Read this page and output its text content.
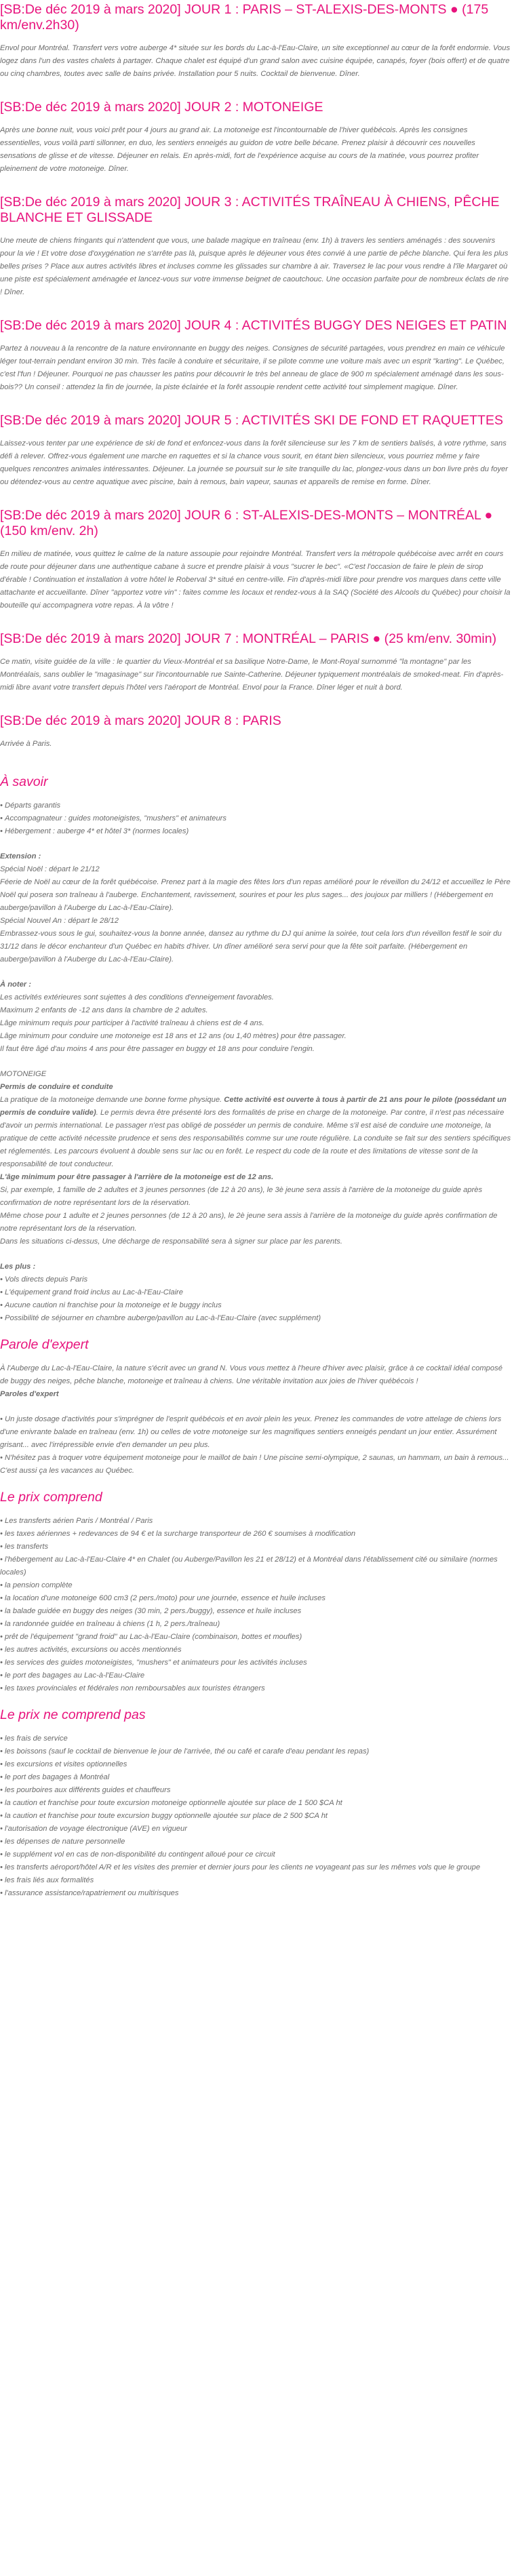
[SB:De déc 2019 à mars 2020] JOUR 1 : PARIS – ST-ALEXIS-DES-MONTS ● (175 km/env.2h30)

Envol pour Montréal. Transfert vers votre auberge 4* située sur les bords du Lac-à-l'Eau-Claire, un site exceptionnel au cœur de la forêt endormie. Vous logez dans l'un des vastes chalets à partager. Chaque chalet est équipé d'un grand salon avec cuisine équipée, canapés, foyer (bois offert) et de quatre ou cinq chambres, toutes avec salle de bains privée. Installation pour 5 nuits. Cocktail de bienvenue. Dîner.

[SB:De déc 2019 à mars 2020] JOUR 2 : MOTONEIGE

Après une bonne nuit, vous voici prêt pour 4 jours au grand air. La motoneige est l'incontournable de l'hiver québécois. Après les consignes essentielles, vous voilà parti sillonner, en duo, les sentiers enneigés au guidon de votre belle bécane. Prenez plaisir à découvrir ces nouvelles sensations de glisse et de vitesse. Déjeuner en relais. En après-midi, fort de l'expérience acquise au cours de la matinée, vous pourrez profiter pleinement de votre motoneige. Dîner.

[SB:De déc 2019 à mars 2020] JOUR 3 : ACTIVITÉS TRAÎNEAU À CHIENS, PÊCHE BLANCHE ET GLISSADE

Une meute de chiens fringants qui n'attendent que vous, une balade magique en traîneau (env. 1h) à travers les sentiers aménagés : des souvenirs pour la vie ! Et votre dose d'oxygénation ne s'arrête pas là, puisque après le déjeuner vous êtes convié à une partie de pêche blanche. Qui fera les plus belles prises ? Place aux autres activités libres et incluses comme les glissades sur chambre à air. Traversez le lac pour vous rendre à l'île Margaret où une piste est spécialement aménagée et lancez-vous sur votre immense beignet de caoutchouc. Une occasion parfaite pour de nombreux éclats de rire ! Dîner.

[SB:De déc 2019 à mars 2020] JOUR 4 : ACTIVITÉS BUGGY DES NEIGES ET PATIN

Partez à nouveau à la rencontre de la nature environnante en buggy des neiges. Consignes de sécurité partagées, vous prendrez en main ce véhicule léger tout-terrain pendant environ 30 min. Très facile à conduire et sécuritaire, il se pilote comme une voiture mais avec un esprit "karting". Le Québec, c'est l'fun ! Déjeuner. Pourquoi ne pas chausser les patins pour découvrir le très bel anneau de glace de 900 m spécialement aménagé dans les sous-bois?? Un conseil : attendez la fin de journée, la piste éclairée et la forêt assoupie rendent cette activité tout simplement magique. Dîner.

[SB:De déc 2019 à mars 2020] JOUR 5 : ACTIVITÉS SKI DE FOND ET RAQUETTES

Laissez-vous tenter par une expérience de ski de fond et enfoncez-vous dans la forêt silencieuse sur les 7 km de sentiers balisés, à votre rythme, sans défi à relever. Offrez-vous également une marche en raquettes et si la chance vous sourit, en étant bien silencieux, vous pourriez même y faire quelques rencontres animales intéressantes. Déjeuner. La journée se poursuit sur le site tranquille du lac, plongez-vous dans un bon livre près du foyer ou détendez-vous au centre aquatique avec piscine, bain à remous, bain vapeur, saunas et appareils de remise en forme. Dîner.

[SB:De déc 2019 à mars 2020] JOUR 6 : ST-ALEXIS-DES-MONTS – MONTRÉAL ● (150 km/env. 2h)

En milieu de matinée, vous quittez le calme de la nature assoupie pour rejoindre Montréal. Transfert vers la métropole québécoise avec arrêt en cours de route pour déjeuner dans une authentique cabane à sucre et prendre plaisir à vous "sucrer le bec". «C'est l'occasion de faire le plein de sirop d'érable ! Continuation et installation à votre hôtel le Roberval 3* situé en centre-ville. Fin d'après-midi libre pour prendre vos marques dans cette ville attachante et accueillante. Dîner "apportez votre vin" : faites comme les locaux et rendez-vous à la SAQ (Société des Alcools du Québec) pour choisir la bouteille qui accompagnera votre repas. À la vôtre !

[SB:De déc 2019 à mars 2020] JOUR 7 : MONTRÉAL – PARIS ● (25 km/env. 30min)

Ce matin, visite guidée de la ville : le quartier du Vieux-Montréal et sa basilique Notre-Dame, le Mont-Royal surnommé "la montagne" par les Montréalais, sans oublier le "magasinage" sur l'incontournable rue Sainte-Catherine. Déjeuner typiquement montréalais de smoked-meat. Fin d'après-midi libre avant votre transfert depuis l'hôtel vers l'aéroport de Montréal. Envol pour la France. Dîner léger et nuit à bord.

[SB:De déc 2019 à mars 2020] JOUR 8 : PARIS

Arrivée à Paris.

À savoir
• Départs garantis
• Accompagnateur : guides motoneigistes, "mushers" et animateurs
• Hébergement : auberge 4* et hôtel 3* (normes locales)

Extension :

Spécial Noël : départ le 21/12

Féerie de Noël au cœur de la forêt québécoise. Prenez part à la magie des fêtes lors d'un repas amélioré pour le réveillon du 24/12 et accueillez le Père Noël qui posera son traîneau à l'auberge. Enchantement, ravissement, sourires et pour les plus sages... des joujoux par milliers ! (Hébergement en auberge/pavillon à l'Auberge du Lac-à-l'Eau-Claire).

Spécial Nouvel An : départ le 28/12

Embrassez-vous sous le gui, souhaitez-vous la bonne année, dansez au rythme du DJ qui anime la soirée, tout cela lors d'un réveillon festif le soir du 31/12 dans le décor enchanteur d'un Québec en habits d'hiver. Un dîner amélioré sera servi pour que la fête soit parfaite. (Hébergement en auberge/pavillon à l'Auberge du Lac-à-l'Eau-Claire).

À noter :

Les activités extérieures sont sujettes à des conditions d'enneigement favorables.

Maximum 2 enfants de -12 ans dans la chambre de 2 adultes.

Lâge minimum requis pour participer à l'activité traîneau à chiens est de 4 ans.

Lâge minimum pour conduire une motoneige est 18 ans et 12 ans (ou 1,40 mètres) pour être passager.

Il faut être âgé d'au moins 4 ans pour être passager en buggy et 18 ans pour conduire l'engin.

MOTONEIGE

Permis de conduire et conduite

La pratique de la motoneige demande une bonne forme physique. Cette activité est ouverte à tous à partir de 21 ans pour le pilote (possédant un permis de conduire valide). Le permis devra être présenté lors des formalités de prise en charge de la motoneige. Par contre, il n'est pas nécessaire d'avoir un permis international. Le passager n'est pas obligé de posséder un permis de conduire. Même s'il est aisé de conduire une motoneige, la pratique de cette activité nécessite prudence et sens des responsabilités comme sur une route régulière. La conduite se fait sur des sentiers spécifiques et réglementés. Les parcours évoluent à double sens sur lac ou en forêt. Le respect du code de la route et des limitations de vitesse sont de la responsabilité de tout conducteur.

L'âge minimum pour être passager à l'arrière de la motoneige est de 12 ans.

Si, par exemple, 1 famille de 2 adultes et 3 jeunes personnes (de 12 à 20 ans), le 3è jeune sera assis à l'arrière de la motoneige du guide après confirmation de notre représentant lors de la réservation.

Même chose pour 1 adulte et 2 jeunes personnes (de 12 à 20 ans), le 2è jeune sera assis à l'arrière de la motoneige du guide après confirmation de notre représentant lors de la réservation.

Dans les situations ci-dessus, Une décharge de responsabilité sera à signer sur place par les parents.

Les plus :

• Vols directs depuis Paris
• L'équipement grand froid inclus au Lac-à-l'Eau-Claire
• Aucune caution ni franchise pour la motoneige et le buggy inclus
• Possibilité de séjourner en chambre auberge/pavillon au Lac-à-l'Eau-Claire (avec supplément)
Parole d'expert

À l'Auberge du Lac-à-l'Eau-Claire, la nature s'écrit avec un grand N. Vous vous mettez à l'heure d'hiver avec plaisir, grâce à ce cocktail idéal composé de buggy des neiges, pêche blanche, motoneige et traîneau à chiens. Une véritable invitation aux joies de l'hiver québécois !

Paroles d'expert

• Un juste dosage d'activités pour s'imprégner de l'esprit québécois et en avoir plein les yeux. Prenez les commandes de votre attelage de chiens lors d'une enivrante balade en traîneau (env. 1h) ou celles de votre motoneige sur les magnifiques sentiers enneigés pendant un jour entier. Assurément grisant... avec l'irrépressible envie d'en demander un peu plus.
• N'hésitez pas à troquer votre équipement motoneige pour le maillot de bain ! Une piscine semi-olympique, 2 saunas, un hammam, un bain à remous... C'est aussi ça les vacances au Québec.
Le prix comprend
• Les transferts aérien Paris / Montréal / Paris
• les taxes aériennes + redevances de 94 € et la surcharge transporteur de 260 € soumises à modification
• les transferts
• l'hébergement au Lac-à-l'Eau-Claire 4* en Chalet (ou Auberge/Pavillon les 21 et 28/12) et à Montréal dans l'établissement cité ou similaire (normes locales)
• la pension complète
• la location d'une motoneige 600 cm3 (2 pers./moto) pour une journée, essence et huile incluses
• la balade guidée en buggy des neiges (30 min, 2 pers./buggy), essence et huile incluses
• la randonnée guidée en traîneau à chiens (1 h, 2 pers./traîneau)
• prêt de l'équipement "grand froid" au Lac-à-l'Eau-Claire (combinaison, bottes et moufles)
• les autres activités, excursions ou accès mentionnés
• les services des guides motoneigistes, "mushers" et animateurs pour les activités incluses
• le port des bagages au Lac-à-l'Eau-Claire
• les taxes provinciales et fédérales non remboursables aux touristes étrangers
Le prix ne comprend pas
• les frais de service
• les boissons (sauf le cocktail de bienvenue le jour de l'arrivée, thé ou café et carafe d'eau pendant les repas)
• les excursions et visites optionnelles
• le port des bagages à Montréal
• les pourboires aux différents guides et chauffeurs
• la caution et franchise pour toute excursion motoneige optionnelle ajoutée sur place de 1 500 $CA ht
• la caution et franchise pour toute excursion buggy optionnelle ajoutée sur place de 2 500 $CA ht
• l'autorisation de voyage électronique (AVE) en vigueur
• les dépenses de nature personnelle
• le supplément vol en cas de non-disponibilité du contingent alloué pour ce circuit
• les transferts aéroport/hôtel A/R et les visites des premier et dernier jours pour les clients ne voyageant pas sur les mêmes vols que le groupe
• les frais liés aux formalités
• l'assurance assistance/rapatriement ou multirisques
